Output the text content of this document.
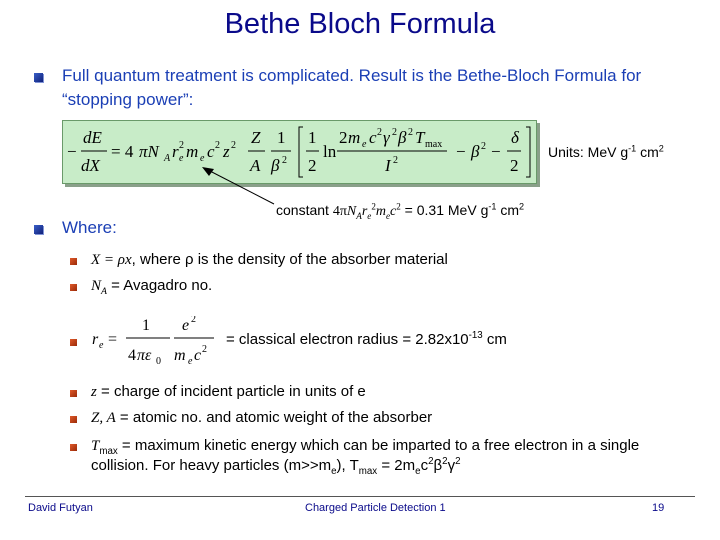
Bethe Bloch Formula
Full quantum treatment is complicated. Result is the Bethe-Bloch Formula for “stopping power”:
−
dE
dX
= 4 πN A r e
2 m e c 2 z 2 Z
A
1
β 2
1
2
ln
2 m e c 2 γ 2 β 2 T max
I 2	− β 2 −
δ
2
Units: MeV $g^{-1}$ $cm^2$
constant $4\pi N_Ar_e^2m_ec^2 = 0.31$ MeV $g^{-1}$ $cm^2$
Where:
X = ρx, where ρ is the density of the absorber material
$N_A$ = Avagadro no.
r e =
1
4 πε 0
e 2
m e c 2
= classical electron radius = $2.82x10^{-13}$ cm
z = charge of incident particle in units of e
Z, A = atomic no. and atomic weight of the absorber
$T_{max}$ = maximum kinetic energy which can be imparted to a free electron in a single collision. For heavy particles $(m>>m_e)$, $T_{max} = 2m_ec^2\beta^2\gamma^2$
David Futyan	Charged Particle Detection 1	19
